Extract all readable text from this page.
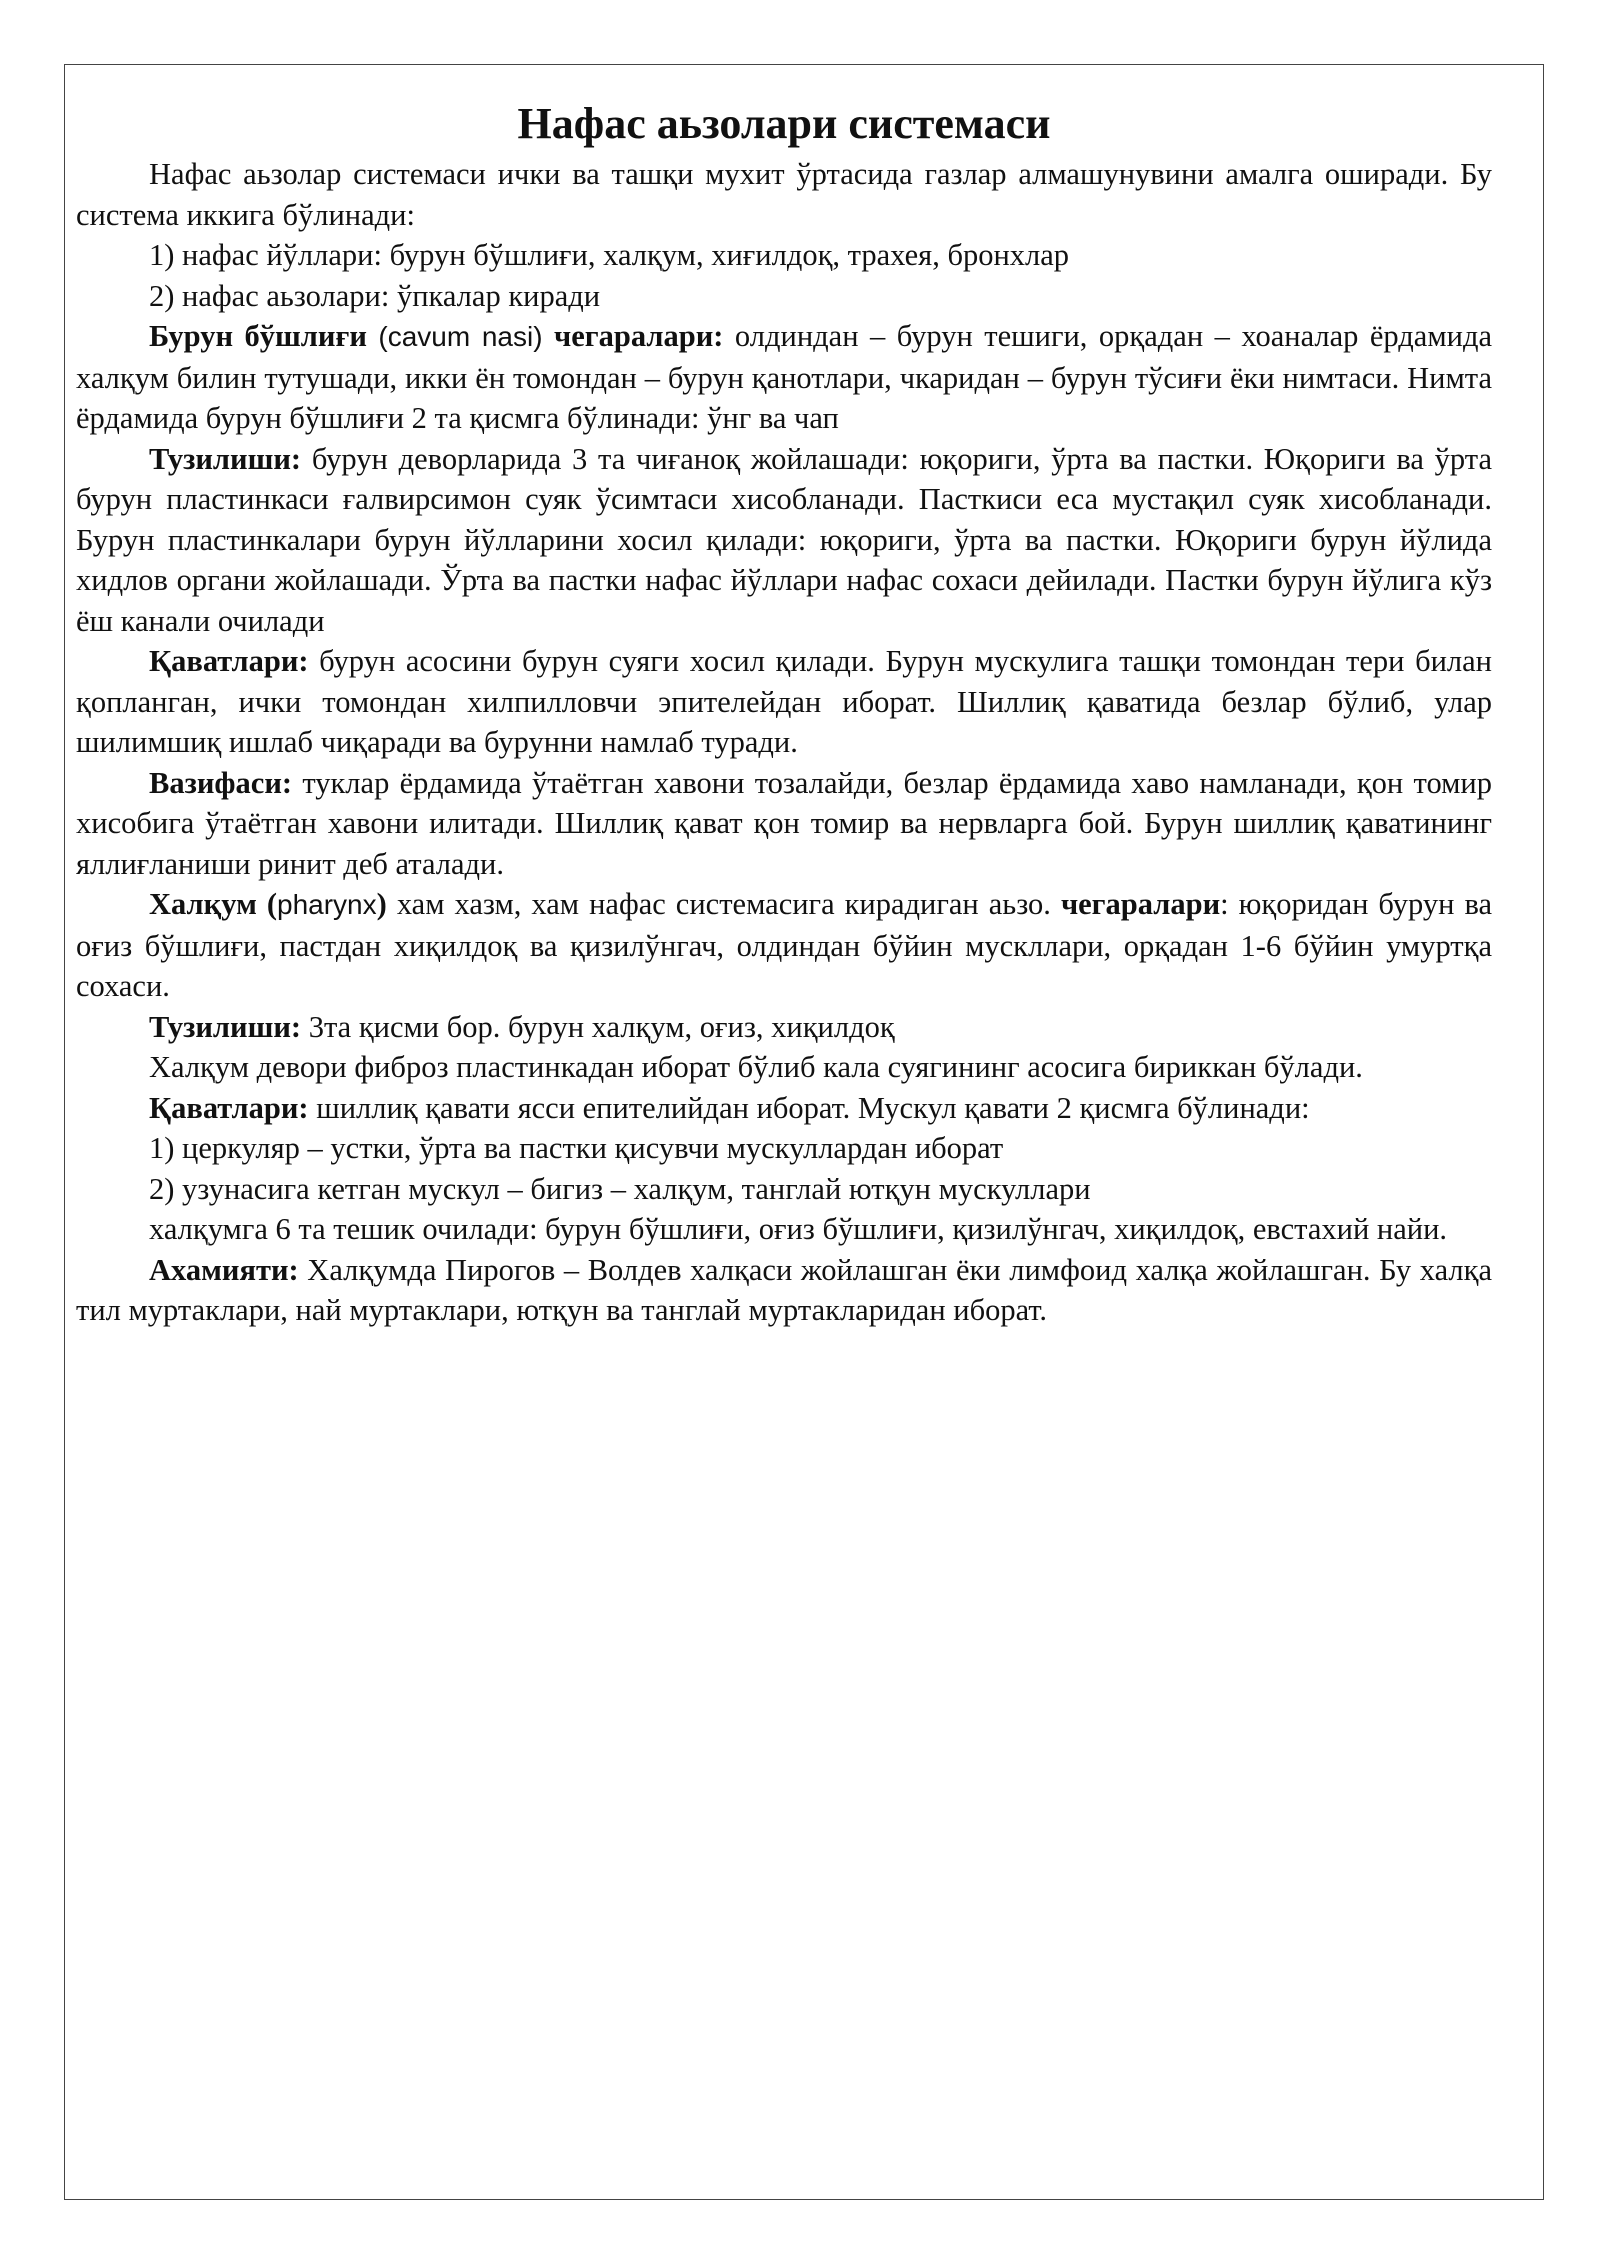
Нафас аьзолари системаси

Нафас аьзолар системаси ички ва ташқи мухит ўртасида газлар алмашунувини амалга оширади. Бу система иккига бўлинади:

1) нафас йўллари: бурун бўшлиғи, халқум, хиғилдоқ, трахея, бронхлар

2) нафас аьзолари: ўпкалар киради

Бурун бўшлиғи (cavum nasi) чегаралари: олдиндан – бурун тешиги, орқадан – хоаналар ёрдамида халқум билин тутушади, икки ён томондан – бурун қанотлари, чкаридан – бурун тўсиғи ёки нимтаси. Нимта ёрдамида бурун бўшлиғи 2 та қисмга бўлинади: ўнг ва чап

Тузилиши: бурун деворларида 3 та чиғаноқ жойлашади: юқориги, ўрта ва пастки. Юқориги ва ўрта бурун пластинкаси ғалвирсимон суяк ўсимтаси хисобланади. Пасткиси еса мустақил суяк хисобланади. Бурун пластинкалари бурун йўлларини хосил қилади: юқориги, ўрта ва пастки. Юқориги бурун йўлида хидлов органи жойлашади. Ўрта ва пастки нафас йўллари нафас сохаси дейилади. Пастки бурун йўлига кўз ёш канали очилади

Қаватлари: бурун асосини бурун суяги хосил қилади. Бурун мускулига ташқи томондан тери билан қопланган, ички томондан хилпилловчи эпителейдан иборат. Шиллиқ қаватида безлар бўлиб, улар шилимшиқ ишлаб чиқаради ва бурунни намлаб туради.

Вазифаси: туклар ёрдамида ўтаётган хавони тозалайди, безлар ёрдамида хаво намланади, қон томир хисобига ўтаётган хавони илитади. Шиллиқ қават қон томир ва нервларга бой. Бурун шиллиқ қаватининг яллиғланиши ринит деб аталади.

Халқум (pharynx) хам хазм, хам нафас системасига кирадиган аьзо. чегаралари: юқоридан бурун ва оғиз бўшлиғи, пастдан хиқилдоқ ва қизилўнгач, олдиндан бўйин мускллари, орқадан 1-6 бўйин умуртқа сохаси.

Тузилиши: 3та қисми бор. бурун халқум, оғиз, хиқилдоқ

Халқум девори фиброз пластинкадан иборат бўлиб кала суягининг асосига бириккан бўлади.

Қаватлари: шиллиқ қавати ясси епителийдан иборат. Мускул қавати 2 қисмга бўлинади:

1) церкуляр – устки, ўрта ва пастки қисувчи мускуллардан иборат

2) узунасига кетган мускул – бигиз – халқум, танглай ютқун мускуллари

халқумга 6 та тешик очилади: бурун бўшлиғи, оғиз бўшлиғи, қизилўнгач, хиқилдоқ, евстахий найи.

Ахамияти: Халқумда Пирогов – Волдев халқаси жойлашган ёки лимфоид халқа жойлашган. Бу халқа тил муртаклари, най муртаклари, ютқун ва танглай муртакларидан иборат.
